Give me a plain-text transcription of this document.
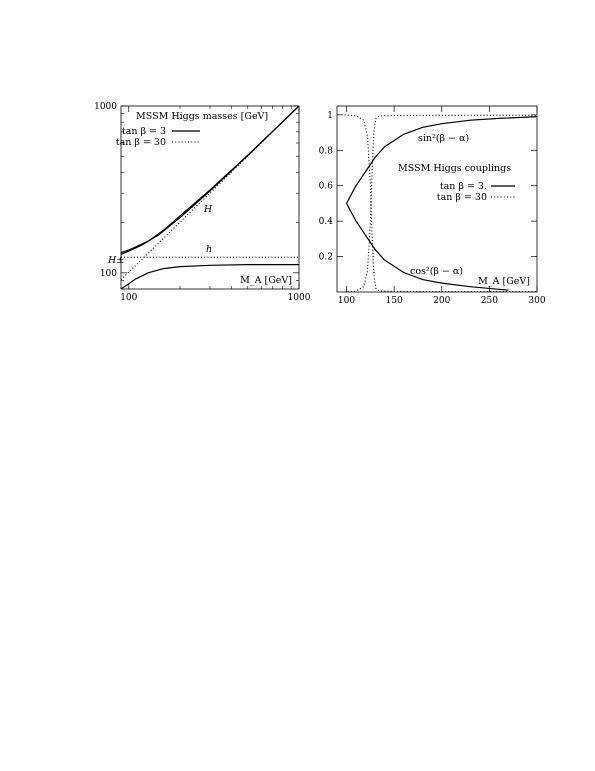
100	1000
100
1000
MSSM Higgs masses [GeV]
tan β = 3
tan β = 30
H
h
H±
M_A [GeV]
100	150	200	250	300
0.2
0.4
0.6
0.8
1
MSSM Higgs couplings
tan β = 3.
tan β = 30
sin²(β − α)
cos²(β − α)
M_A [GeV]
